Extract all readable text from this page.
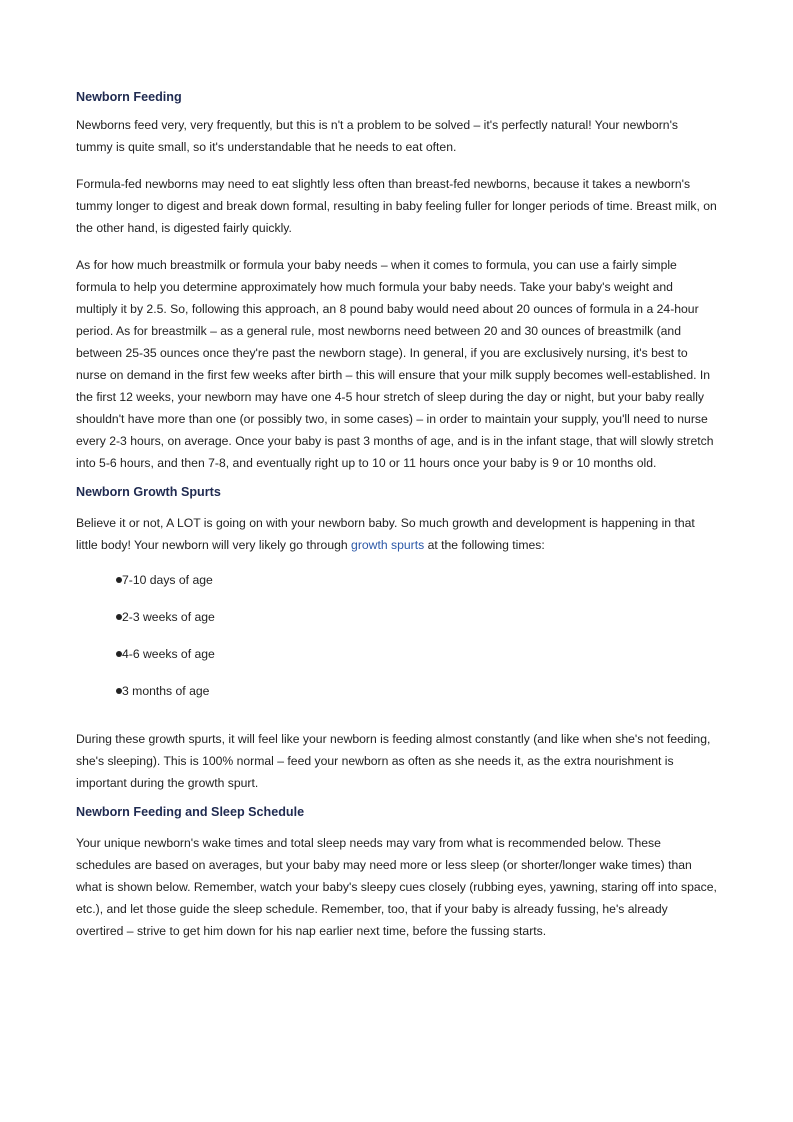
Newborn Feeding

Newborns feed very, very frequently, but this is n't a problem to be solved – it's perfectly natural! Your newborn's tummy is quite small, so it's understandable that he needs to eat often.

Formula-fed newborns may need to eat slightly less often than breast-fed newborns, because it takes a newborn's tummy longer to digest and break down formal, resulting in baby feeling fuller for longer periods of time. Breast milk, on the other hand, is digested fairly quickly.

As for how much breastmilk or formula your baby needs – when it comes to formula, you can use a fairly simple formula to help you determine approximately how much formula your baby needs. Take your baby's weight and multiply it by 2.5. So, following this approach, an 8 pound baby would need about 20 ounces of formula in a 24-hour period. As for breastmilk – as a general rule, most newborns need between 20 and 30 ounces of breastmilk (and between 25-35 ounces once they're past the newborn stage). In general, if you are exclusively nursing, it's best to nurse on demand in the first few weeks after birth – this will ensure that your milk supply becomes well-established. In the first 12 weeks, your newborn may have one 4-5 hour stretch of sleep during the day or night, but your baby really shouldn't have more than one (or possibly two, in some cases) – in order to maintain your supply, you'll need to nurse every 2-3 hours, on average. Once your baby is past 3 months of age, and is in the infant stage, that will slowly stretch into 5-6 hours, and then 7-8, and eventually right up to 10 or 11 hours once your baby is 9 or 10 months old.

Newborn Growth Spurts

Believe it or not, A LOT is going on with your newborn baby. So much growth and development is happening in that little body! Your newborn will very likely go through growth spurts at the following times:

7-10 days of age
2-3 weeks of age
4-6 weeks of age
3 months of age

During these growth spurts, it will feel like your newborn is feeding almost constantly (and like when she's not feeding, she's sleeping). This is 100% normal – feed your newborn as often as she needs it, as the extra nourishment is important during the growth spurt.

Newborn Feeding and Sleep Schedule

Your unique newborn's wake times and total sleep needs may vary from what is recommended below. These schedules are based on averages, but your baby may need more or less sleep (or shorter/longer wake times) than what is shown below. Remember, watch your baby's sleepy cues closely (rubbing eyes, yawning, staring off into space, etc.), and let those guide the sleep schedule. Remember, too, that if your baby is already fussing, he's already overtired – strive to get him down for his nap earlier next time, before the fussing starts.
